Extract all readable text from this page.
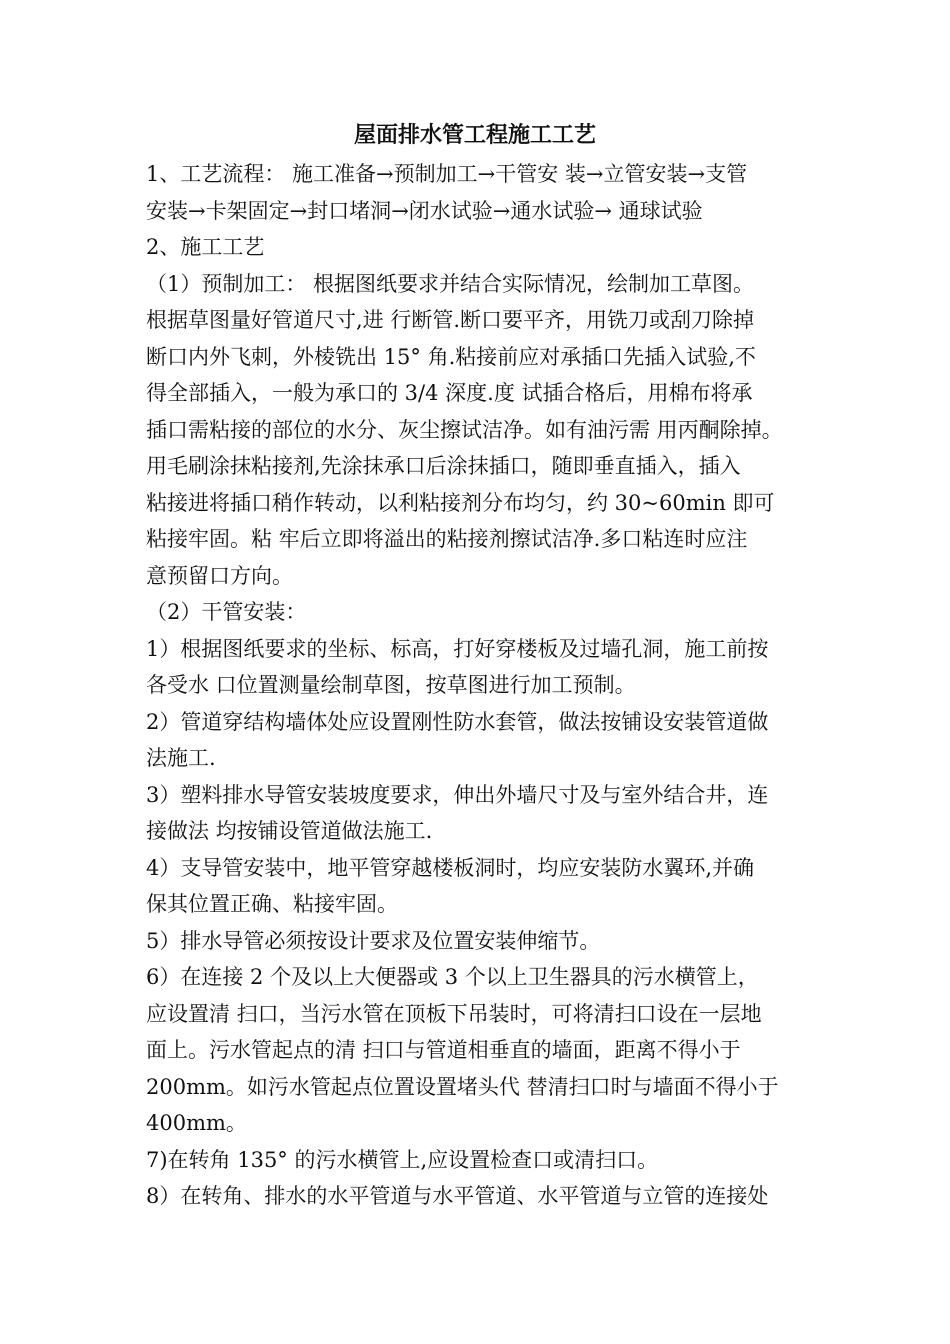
屋面排水管工程施工工艺
1、工艺流程： 施工准备→预制加工→干管安 装→立管安装→支管
安装→卡架固定→封口堵洞→闭水试验→通水试验→ 通球试验
2、施工工艺
（1）预制加工： 根据图纸要求并结合实际情况，绘制加工草图。
根据草图量好管道尺寸,进 行断管.断口要平齐，用铣刀或刮刀除掉
断口内外飞刺，外棱铣出 15° 角.粘接前应对承插口先插入试验,不
得全部插入，一般为承口的 3/4 深度.度 试插合格后，用棉布将承
插口需粘接的部位的水分、灰尘擦试洁净。如有油污需 用丙酮除掉。
用毛刷涂抹粘接剂,先涂抹承口后涂抹插口，随即垂直插入，插入
粘接进将插口稍作转动，以利粘接剂分布均匀，约 30~60min 即可
粘接牢固。粘 牢后立即将溢出的粘接剂擦试洁净.多口粘连时应注
意预留口方向。
（2）干管安装：
1）根据图纸要求的坐标、标高，打好穿楼板及过墙孔洞，施工前按
各受水 口位置测量绘制草图，按草图进行加工预制。
2）管道穿结构墙体处应设置刚性防水套管，做法按铺设安装管道做
法施工.
3）塑料排水导管安装坡度要求，伸出外墙尺寸及与室外结合井，连
接做法 均按铺设管道做法施工.
4）支导管安装中，地平管穿越楼板洞时，均应安装防水翼环,并确
保其位置正确、粘接牢固。
5）排水导管必须按设计要求及位置安装伸缩节。
6）在连接 2 个及以上大便器或 3 个以上卫生器具的污水横管上，
应设置清 扫口，当污水管在顶板下吊装时，可将清扫口设在一层地
面上。污水管起点的清 扫口与管道相垂直的墙面，距离不得小于
200mm。如污水管起点位置设置堵头代 替清扫口时与墙面不得小于
400mm。
7)在转角 135° 的污水横管上,应设置检查口或清扫口。
8）在转角、排水的水平管道与水平管道、水平管道与立管的连接处
